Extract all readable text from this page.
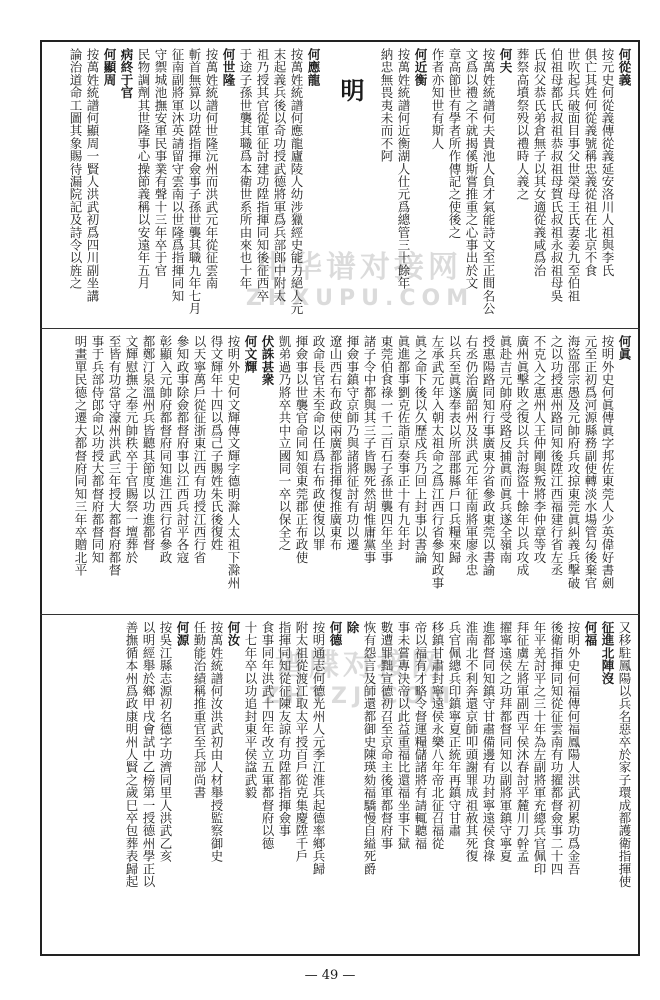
何從義
按元史何從義傳從義延安洛川人祖與李氏
俱亡其姓何從義號稱忠義從祖在北京不食
世吹起兵破面目事父世榮母王氏妻姜九至伯祖
伯祖母都氏叔祖恭叔祖母賀氏叔祖永叔祖母吳
氏叔父恭氏弟倉無子以其女適從義咸爲治
葬祭高墳祭殁以禮時人義之
何夫
按萬姓統譜何夫貴池人負才氣能詩文至正間名公
文爲以禮之不就揭傒斯嘗推重之心事出於文
章高節世有學者所作傳記之使後之
作者亦知世有斯人
何近衡
按萬姓統譜何近衡湖人仕元爲總管三十餘年
納忠無畏夷未而不阿
明
何應龍
按萬姓統譜何應龍廬陵人幼涉獵經史能力絕人元
末起義兵後以奇功授武德將軍爲兵部郎中附太
祖乃授其官從軍征討建功陞指揮同知後征西卒
于途子孫世襲其職爲本衛世系所由來也十年
何世隆
按萬姓統譜何世隆沅州而洪武元年從征雲南
斬首無算以功陞指揮僉事子孫世襲其職九年七月
征南副將軍沐英請留守雲南以世隆爲指揮同知
守禦城池撫安軍民事業有聲十三年卒于官
民物調劑其世隆事心操節義稱以安遠年五月
病終于官
何顯周
按萬姓統譜何顯周一賢人洪武初爲四川副坐講
論治道命工圖其象賜待漏院記及詩令以旌之
何眞
按明外史何眞傳眞字邦佐東莞人少英偉好書劍
元至正初爲河源縣務副使轉淡水場管勾後棄官
海盜邵宗愚及元帥府兵攻掠東莞眞糾義兵擊破
之以功授惠州路同知後陞江西福建行省左丞
不克入之惠州人王仲剛與叛將李仲章等攻
廣州眞擊敗之復以兵討海盜十餘年以兵攻成
眞赴吉元帥府受路反捕眞而眞兵遂全嶺南
授惠陽路同知行事廣東分省參政東莞以書諭
右丞仍治廣韶州及洪武元年征南將軍廖永忠
以兵至眞遂奉表以所部郡縣戶口兵糧來歸
左承武元年入朝太祖命之爲江西行省參知政事
眞之命下後以久歷戍兵乃回上封事以書論
眞進都事劉克佐詣京奏事正十有九年封
東莞伯食祿一千二百石子孫世襲四年坐事
諸子令中都與其三子皆賜死然胡惟庸黨事
揮僉事鎮守京師乃與諸將征討有功以遷
遼山西右布政使兩廣都指揮復推廣東布
政命長官未至命以任爲右布政使復以罪
揮僉事以世襲官命同知領東莞郡正布政使
凱弟過乃將卒共中立國同一卒以保全之
伏誅甚衆
何文輝
按明外史何文輝傳文輝字德明滁人太祖下滁州
得文輝年十四以爲己子賜姓朱氏後復姓
以天寧萬戶從征浙東江西有功授江西行省
參知政事除僉都督府事以江西兵討平各寇
彰顯入元帥府都督府同知進江西行省參政
都鄭汀泉溫州兵皆聽其節度以功進都督
文輝慰撫之奉元帥秩卒于官賜祭一壇葬於
至皆有功當守濠州洪武三年授大都督府都督
事于兵部侍郎命以功授大都督府都督同知
明畫單民德之遷大都督府同知三年卒贈北平
又移駐鳳陽以兵名惡卒於家子環成都護衛指揮使
征進北陣沒
何福
按明外史何福傳何福鳳陽人洪武初累功爲金吾
後衛指揮同知從征雲南有功擢都督僉事二十四
年平羌討平之三十年為左副將軍充總兵官佩印
拜征虜左將軍副西平侯沐春討平麓川刀幹孟
擢寧遠侯之功拜都督同知以副將軍鎮守寧夏
進都督同知鎮守甘肅備邊有功封寧遠侯食祿
淮南北不利奔還京師叩頭謝罪成祖赦其死復
兵官佩總兵印鎮寧夏正統年再鎮守甘肅
移鎮甘肅封寧遠侯永樂八年帝北征召福從
帝以福有才略令督運糧儲諸將有請輒聽福
事未嘗專決帝以此益重福比還福坐事下獄
數遭罪黜宣德初召至京命主後軍都督府事
恢有怨言及師還都御史陳瑛劾福驕慢自縊死爵
除
何德
按明通志何德光州人元季江淮兵起德率鄉兵歸
附太祖從渡江取太平授百戶從克集慶陞千戶
指揮同知從征陳友諒有功陞都指揮僉事
食事同年洪武十四年改立五軍都督府以德
十七年卒以功追封東平侯諡武毅
何汝
按萬姓統譜何汝洪武初由人材舉授監察御史
任勤能治績稱推重官至兵部尚書
何源
按吳江縣志源初名德字功濟同里人洪武乙亥
以明經舉於鄉甲戌會試中乙榜第一授德州學正以
善撫循本州爲政康明州人賢之歲巳卒包葬表歸起
中华谱对接网
ZHXUPU.COM
谱牒对接网
ZHTZJ.COM
— 49 —
